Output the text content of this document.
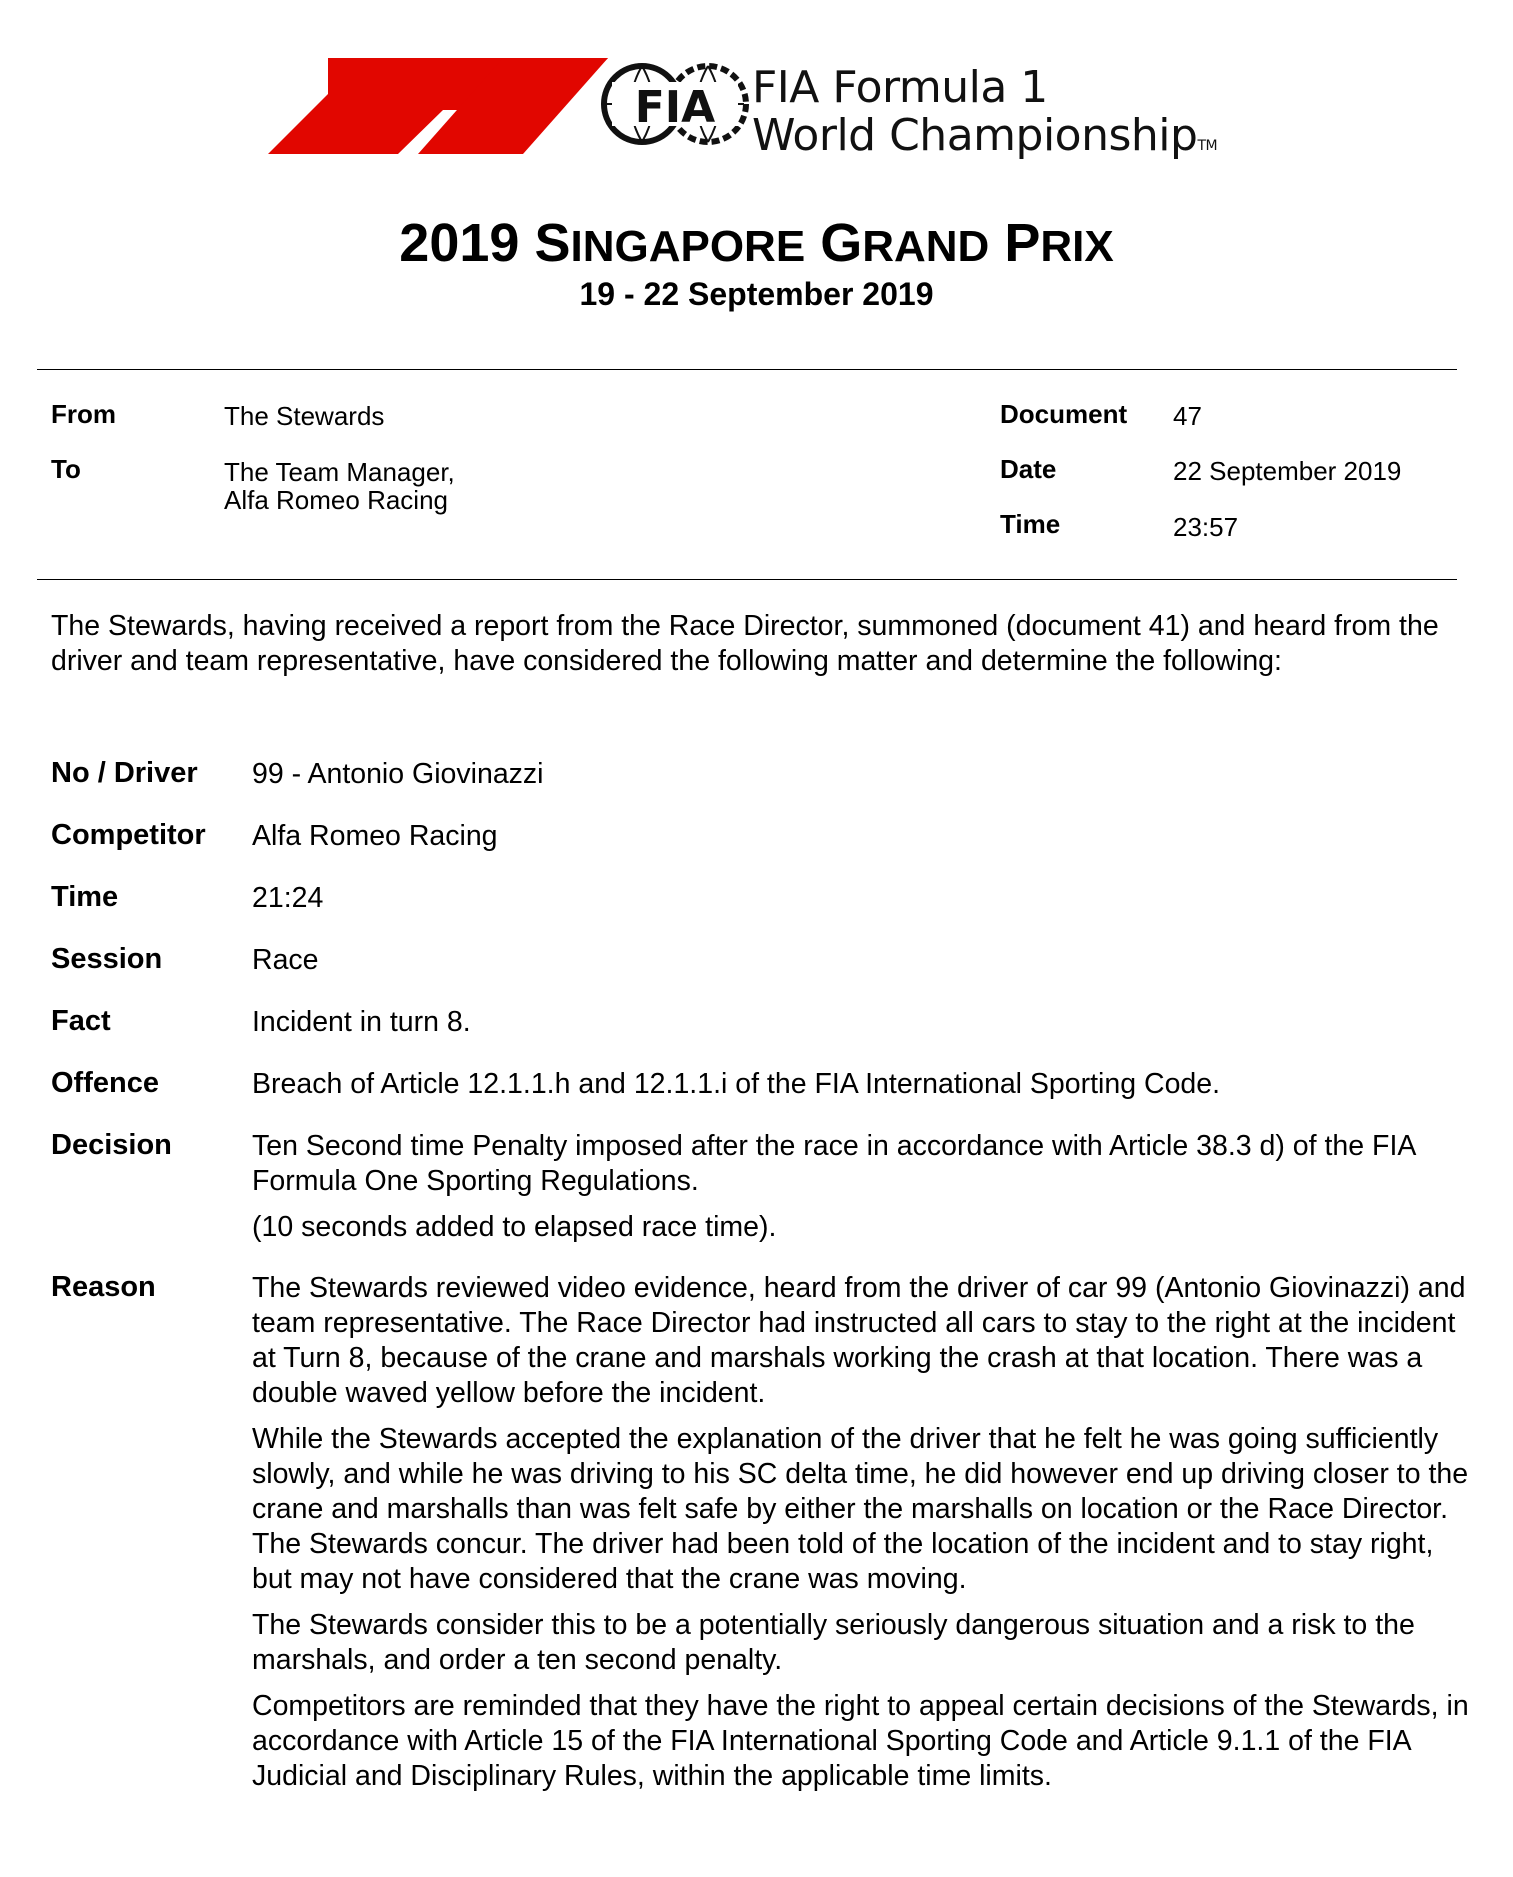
FIA FIA Formula 1
World ChampionshipTM
2019 SINGAPORE GRAND PRIX
19 - 22 September 2019
From	The Stewards
To	The Team Manager,
Alfa Romeo Racing
Document 47
Date	22 September 2019
Time	23:57
The Stewards, having received a report from the Race Director, summoned (document 41) and heard from the driver and team representative, have considered the following matter and determine the following:
No / Driver 99 - Antonio Giovinazzi
Competitor Alfa Romeo Racing
Time	21:24
Session	Race
Fact	Incident in turn 8.
Offence	Breach of Article 12.1.1.h and 12.1.1.i of the FIA International Sporting Code.
Decision	Ten Second time Penalty imposed after the race in accordance with Article 38.3 d) of the FIA Formula One Sporting Regulations.

(10 seconds added to elapsed race time).

Reason	The Stewards reviewed video evidence, heard from the driver of car 99 (Antonio Giovinazzi) and team representative. The Race Director had instructed all cars to stay to the right at the incident at Turn 8, because of the crane and marshals working the crash at that location. There was a double waved yellow before the incident.

While the Stewards accepted the explanation of the driver that he felt he was going sufficiently slowly, and while he was driving to his SC delta time, he did however end up driving closer to the crane and marshalls than was felt safe by either the marshalls on location or the Race Director. The Stewards concur. The driver had been told of the location of the incident and to stay right, but may not have considered that the crane was moving.

The Stewards consider this to be a potentially seriously dangerous situation and a risk to the marshals, and order a ten second penalty.

Competitors are reminded that they have the right to appeal certain decisions of the Stewards, in accordance with Article 15 of the FIA International Sporting Code and Article 9.1.1 of the FIA Judicial and Disciplinary Rules, within the applicable time limits.
